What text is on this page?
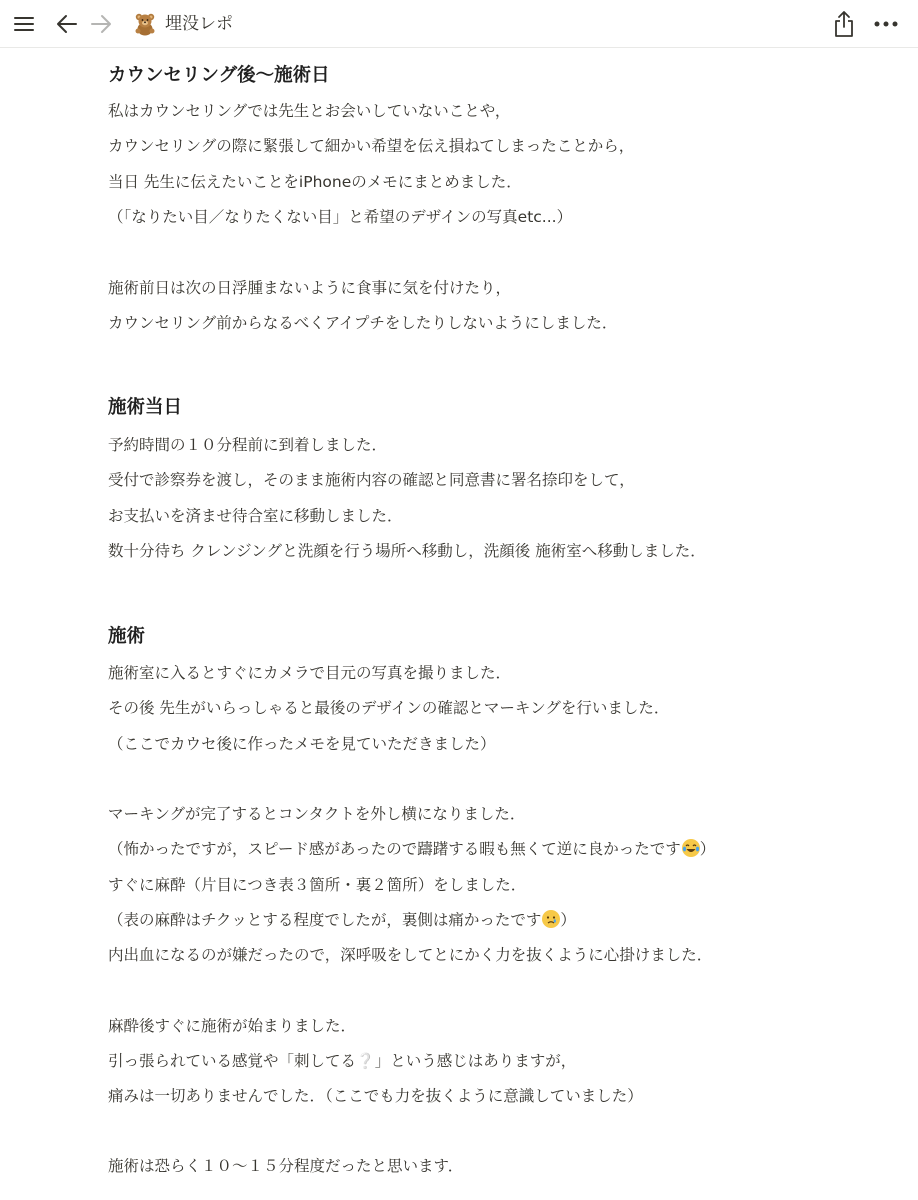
埋没レポ
カウンセリング後〜施術日
私はカウンセリングでは先生とお会いしていないことや，
カウンセリングの際に緊張して細かい希望を伝え損ねてしまったことから，
当日 先生に伝えたいことをiPhoneのメモにまとめました．
（「なりたい目／なりたくない目」と希望のデザインの写真etc...）
施術前日は次の日浮腫まないように食事に気を付けたり，
カウンセリング前からなるべくアイプチをしたりしないようにしました．
施術当日
予約時間の１０分程前に到着しました．
受付で診察券を渡し，そのまま施術内容の確認と同意書に署名捺印をして，
お支払いを済ませ待合室に移動しました．
数十分待ち クレンジングと洗顔を行う場所へ移動し，洗顔後 施術室へ移動しました．
施術
施術室に入るとすぐにカメラで目元の写真を撮りました．
その後 先生がいらっしゃると最後のデザインの確認とマーキングを行いました．
（ここでカウセ後に作ったメモを見ていただきました）
マーキングが完了するとコンタクトを外し横になりました．
（怖かったですが，スピード感があったので躊躇する暇も無くて逆に良かったです ）
すぐに麻酔（片目につき表３箇所・裏２箇所）をしました．
（表の麻酔はチクッとする程度でしたが，裏側は痛かったです ）
内出血になるのが嫌だったので，深呼吸をしてとにかく力を抜くように心掛けました．
麻酔後すぐに施術が始まりました．
引っ張られている感覚や「刺してる❔」という感じはありますが，
痛みは一切ありませんでした．（ここでも力を抜くように意識していました）
施術は恐らく１０〜１５分程度だったと思います．
